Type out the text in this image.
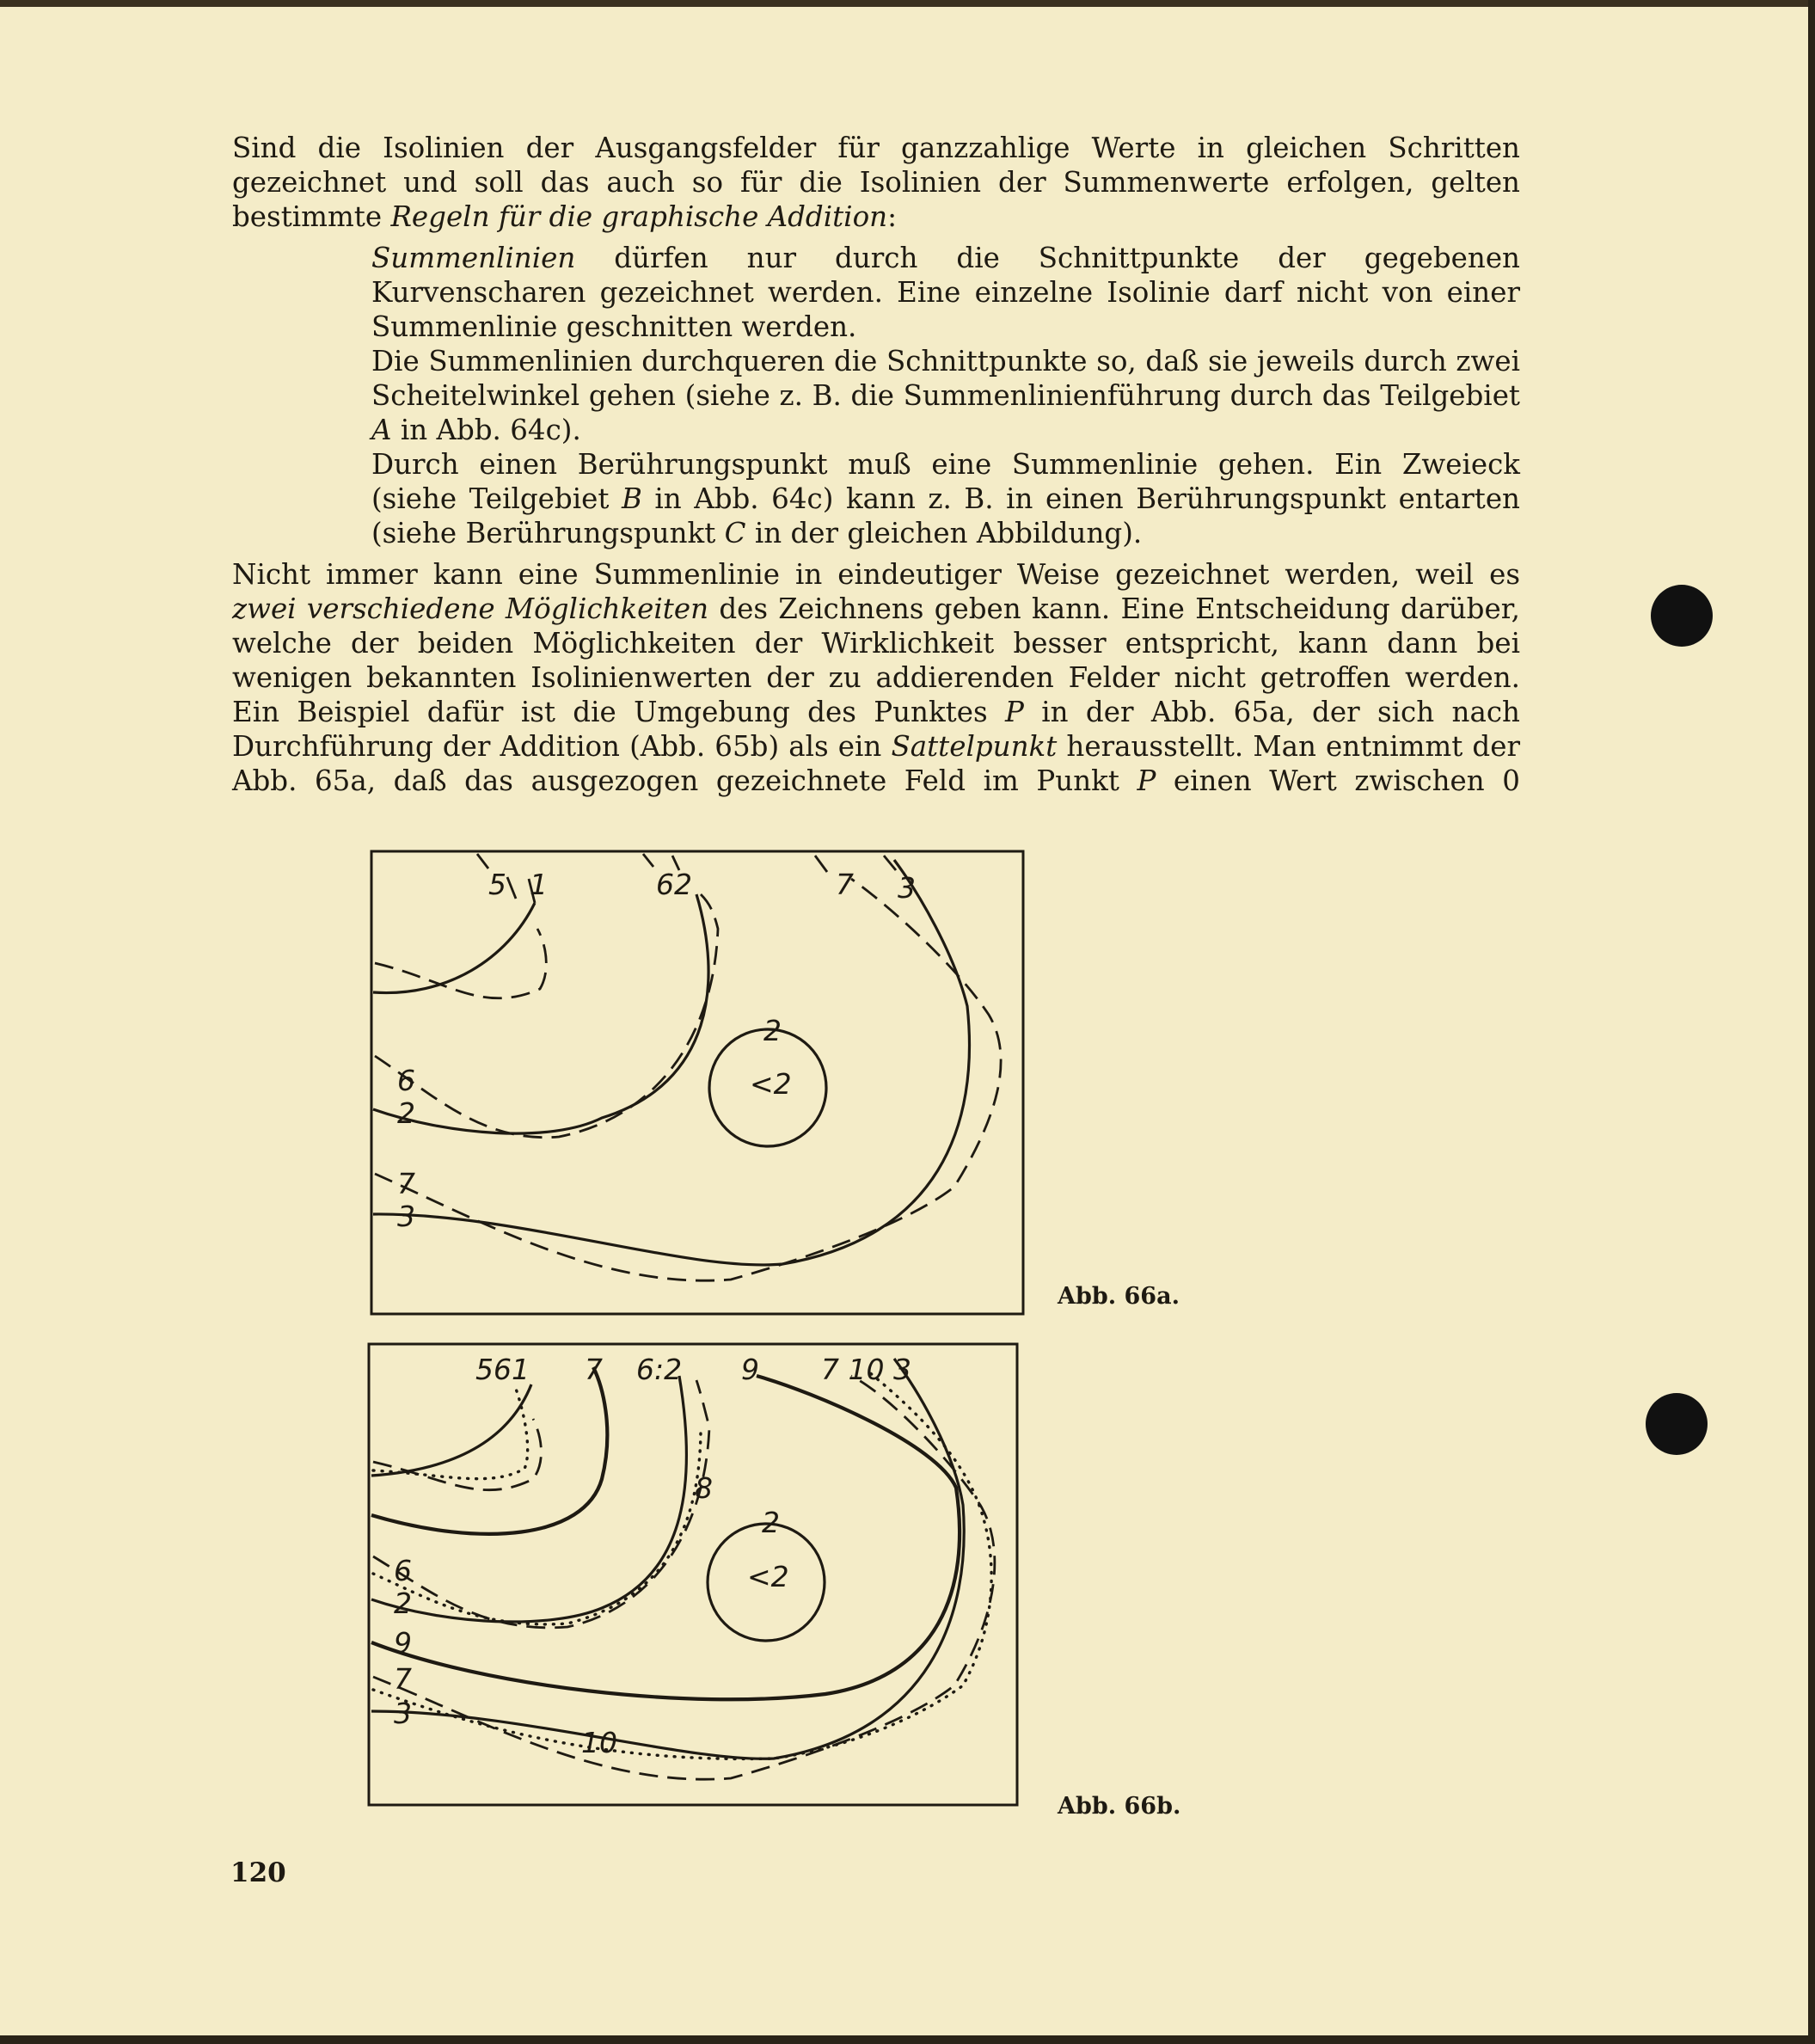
Sind die Isolinien der Ausgangsfelder für ganzzahlige Werte in gleichen Schritten gezeichnet und soll das auch so für die Isolinien der Summenwerte erfolgen, gelten bestimmte Regeln für die graphische Addition:

Summenlinien dürfen nur durch die Schnittpunkte der gegebenen Kurvenscharen gezeichnet werden. Eine einzelne Isolinie darf nicht von einer Summenlinie geschnitten werden.

Die Summenlinien durchqueren die Schnittpunkte so, daß sie jeweils durch zwei Scheitelwinkel gehen (siehe z. B. die Summenlinienführung durch das Teilgebiet A in Abb. 64c).

Durch einen Berührungspunkt muß eine Summenlinie gehen. Ein Zweieck (siehe Teilgebiet B in Abb. 64c) kann z. B. in einen Berührungspunkt entarten (siehe Berührungspunkt C in der gleichen Abbildung).

Nicht immer kann eine Summenlinie in eindeutiger Weise gezeichnet werden, weil es zwei verschiedene Möglichkeiten des Zeichnens geben kann. Eine Entscheidung darüber, welche der beiden Möglichkeiten der Wirklichkeit besser entspricht, kann dann bei wenigen bekannten Isolinienwerten der zu addierenden Felder nicht getroffen werden. Ein Beispiel dafür ist die Umgebung des Punktes P in der Abb. 65a, der sich nach Durchführung der Addition (Abb. 65b) als ein Sattelpunkt herausstellt. Man entnimmt der Abb. 65a, daß das ausgezogen gezeichnete Feld im Punkt P einen Wert zwischen 0

5 1	62	7 3
6
2
7
3
2
<2
561 7 6:2 9 7 10 3
8
6
2
9
7
3
10
2
<2
Abb. 66a.
Abb. 66b.
120
